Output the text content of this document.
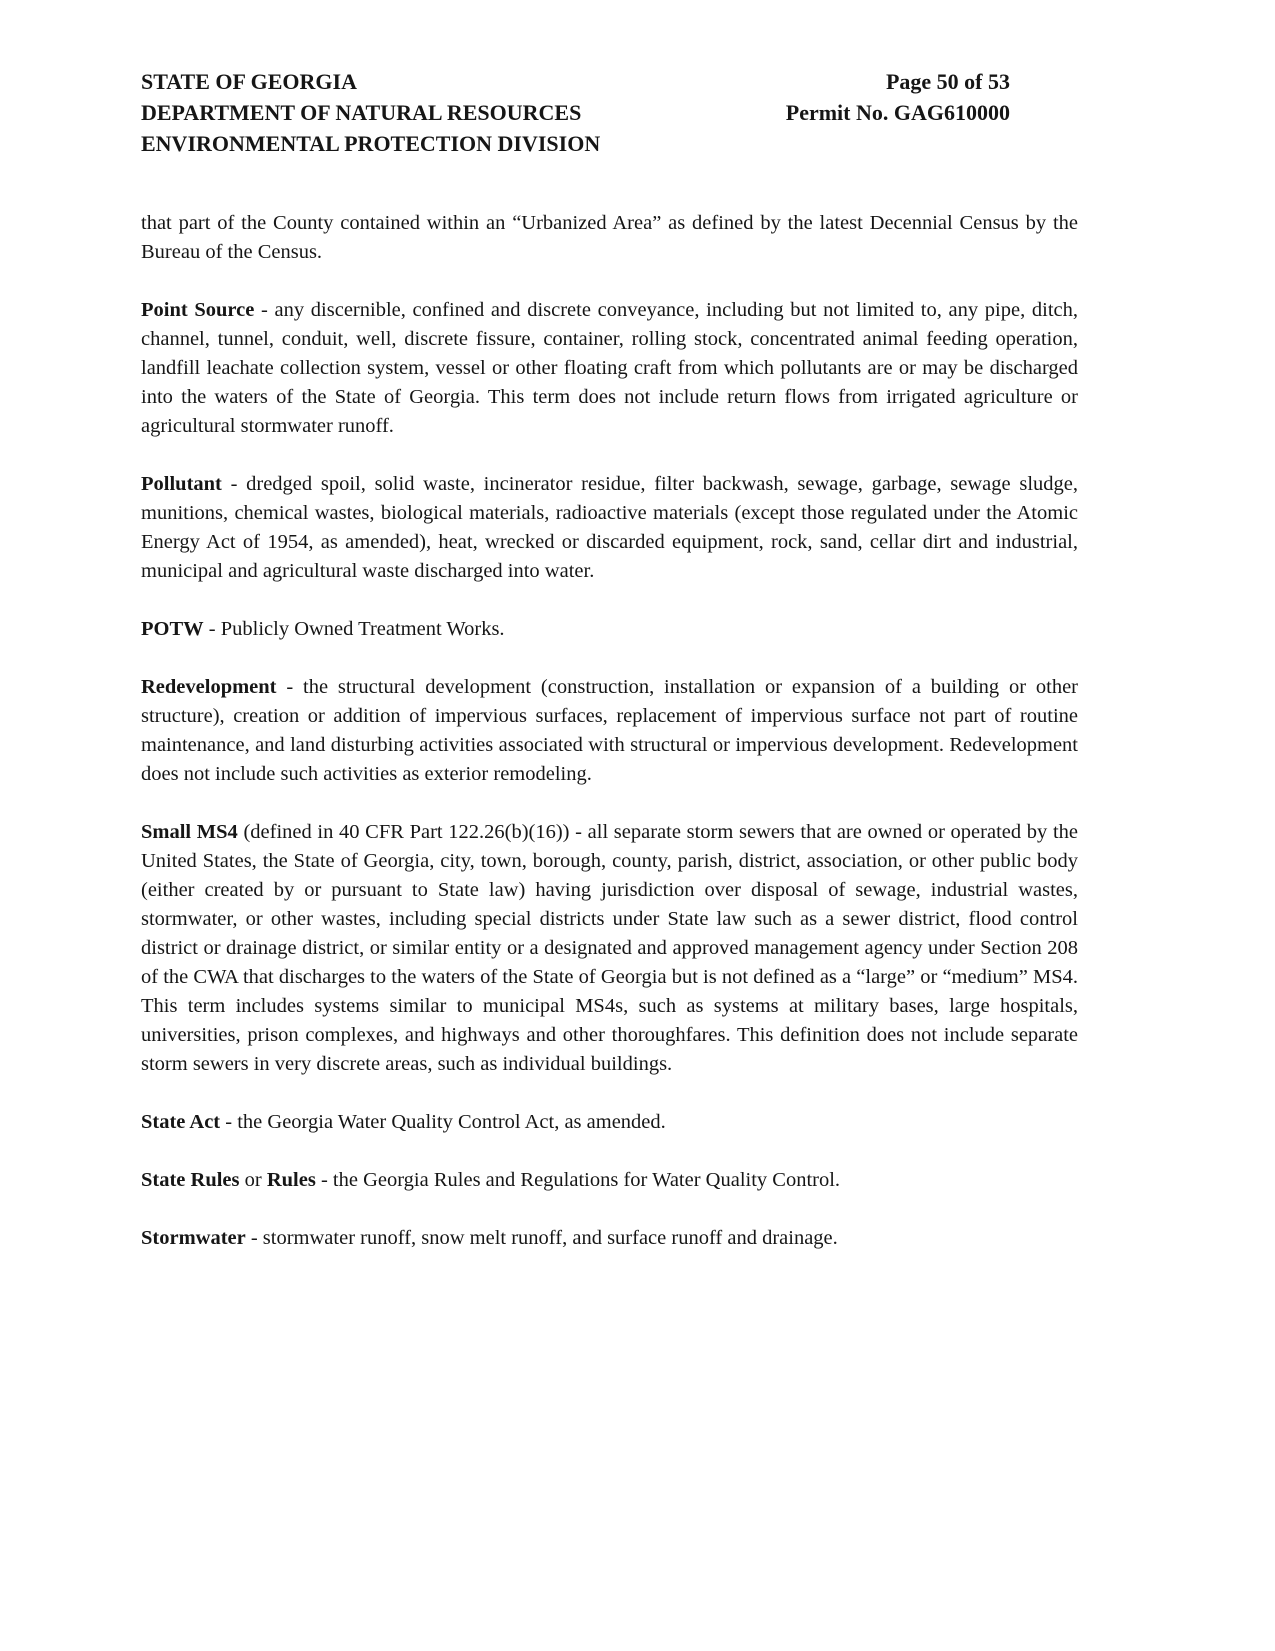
STATE OF GEORGIA
DEPARTMENT OF NATURAL RESOURCES
ENVIRONMENTAL PROTECTION DIVISION
Page 50 of 53
Permit No. GAG610000

that part of the County contained within an “Urbanized Area” as defined by the latest Decennial Census by the Bureau of the Census.

Point Source - any discernible, confined and discrete conveyance, including but not limited to, any pipe, ditch, channel, tunnel, conduit, well, discrete fissure, container, rolling stock, concentrated animal feeding operation, landfill leachate collection system, vessel or other floating craft from which pollutants are or may be discharged into the waters of the State of Georgia. This term does not include return flows from irrigated agriculture or agricultural stormwater runoff.

Pollutant - dredged spoil, solid waste, incinerator residue, filter backwash, sewage, garbage, sewage sludge, munitions, chemical wastes, biological materials, radioactive materials (except those regulated under the Atomic Energy Act of 1954, as amended), heat, wrecked or discarded equipment, rock, sand, cellar dirt and industrial, municipal and agricultural waste discharged into water.

POTW - Publicly Owned Treatment Works.

Redevelopment - the structural development (construction, installation or expansion of a building or other structure), creation or addition of impervious surfaces, replacement of impervious surface not part of routine maintenance, and land disturbing activities associated with structural or impervious development. Redevelopment does not include such activities as exterior remodeling.

Small MS4 (defined in 40 CFR Part 122.26(b)(16)) - all separate storm sewers that are owned or operated by the United States, the State of Georgia, city, town, borough, county, parish, district, association, or other public body (either created by or pursuant to State law) having jurisdiction over disposal of sewage, industrial wastes, stormwater, or other wastes, including special districts under State law such as a sewer district, flood control district or drainage district, or similar entity or a designated and approved management agency under Section 208 of the CWA that discharges to the waters of the State of Georgia but is not defined as a “large” or “medium” MS4. This term includes systems similar to municipal MS4s, such as systems at military bases, large hospitals, universities, prison complexes, and highways and other thoroughfares. This definition does not include separate storm sewers in very discrete areas, such as individual buildings.

State Act - the Georgia Water Quality Control Act, as amended.

State Rules or Rules - the Georgia Rules and Regulations for Water Quality Control.

Stormwater - stormwater runoff, snow melt runoff, and surface runoff and drainage.
